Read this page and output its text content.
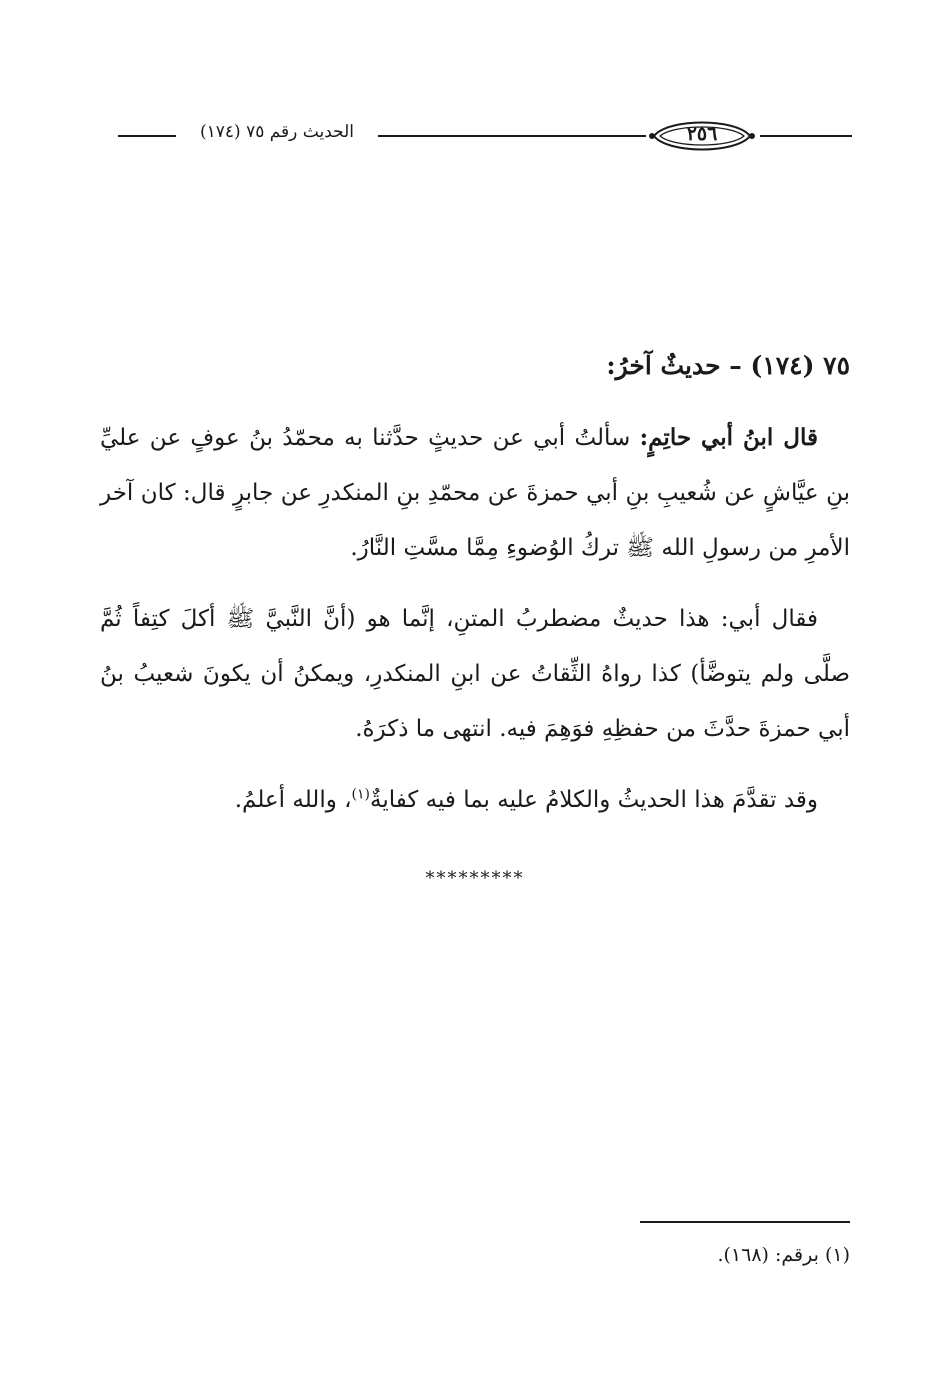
الحديث رقم ٧٥ (١٧٤)	٢٥٦
٧٥ (١٧٤) – حديثٌ آخرُ:

قال ابنُ أبي حاتِمٍ: سألتُ أبي عن حديثٍ حدَّثنا به محمّدُ بنُ عوفٍ عن عليِّ بنِ عيَّاشٍ عن شُعيبِ بنِ أبي حمزةَ عن محمّدِ بنِ المنكدرِ عن جابرٍ قال: كان آخر الأمرِ من رسولِ الله ﷺ تركُ الوُضوءِ مِمَّا مسَّتِ النَّارُ.

فقال أبي: هذا حديثٌ مضطربُ المتنِ، إنَّما هو (أنَّ النَّبيَّ ﷺ أكلَ كتِفاً ثُمَّ صلَّى ولم يتوضَّأ) كذا رواهُ الثِّقاتُ عن ابنِ المنكدرِ، ويمكنُ أن يكونَ شعيبُ بنُ أبي حمزةَ حدَّثَ من حفظِهِ فوَهِمَ فيه. انتهى ما ذكرَهُ.

وقد تقدَّمَ هذا الحديثُ والكلامُ عليه بما فيه كفايةٌ$^{(١)}$، والله أعلمُ.

*********
(١) برقم: (١٦٨).
